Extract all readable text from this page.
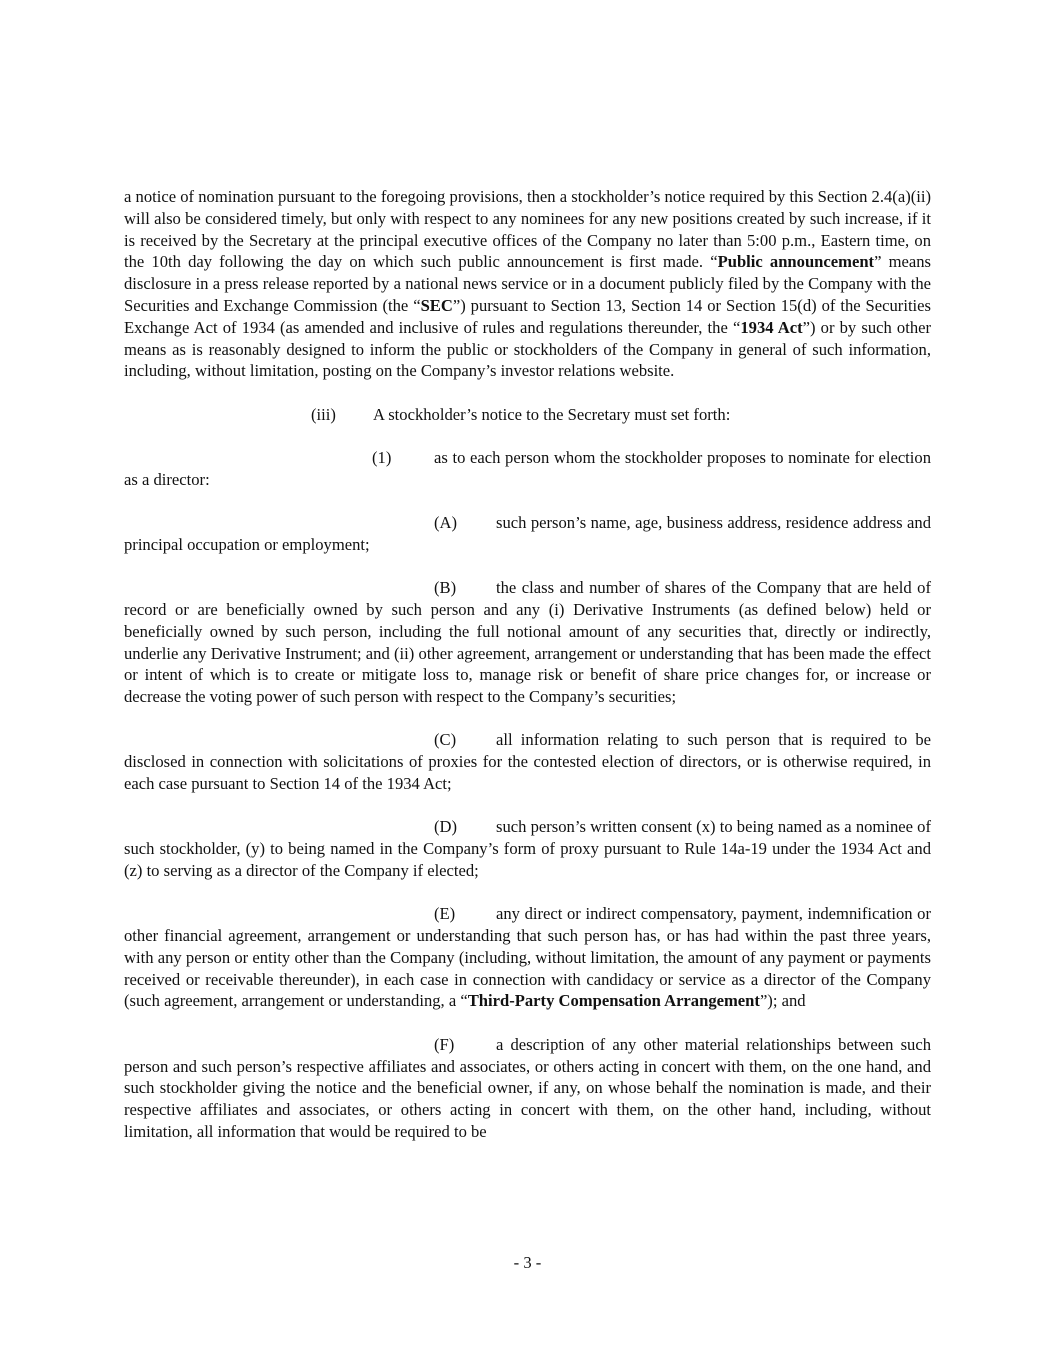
a notice of nomination pursuant to the foregoing provisions, then a stockholder’s notice required by this Section 2.4(a)(ii) will also be considered timely, but only with respect to any nominees for any new positions created by such increase, if it is received by the Secretary at the principal executive offices of the Company no later than 5:00 p.m., Eastern time, on the 10th day following the day on which such public announcement is first made. “Public announcement” means disclosure in a press release reported by a national news service or in a document publicly filed by the Company with the Securities and Exchange Commission (the “SEC”) pursuant to Section 13, Section 14 or Section 15(d) of the Securities Exchange Act of 1934 (as amended and inclusive of rules and regulations thereunder, the “1934 Act”) or by such other means as is reasonably designed to inform the public or stockholders of the Company in general of such information, including, without limitation, posting on the Company’s investor relations website.

(iii) A stockholder’s notice to the Secretary must set forth:

(1)	as to each person whom the stockholder proposes to nominate for election as a director:

(A) such person’s name, age, business address, residence address and principal occupation or employment;

(B) the class and number of shares of the Company that are held of record or are beneficially owned by such person and any (i) Derivative Instruments (as defined below) held or beneficially owned by such person, including the full notional amount of any securities that, directly or indirectly, underlie any Derivative Instrument; and (ii) other agreement, arrangement or understanding that has been made the effect or intent of which is to create or mitigate loss to, manage risk or benefit of share price changes for, or increase or decrease the voting power of such person with respect to the Company’s securities;

(C) all information relating to such person that is required to be disclosed in connection with solicitations of proxies for the contested election of directors, or is otherwise required, in each case pursuant to Section 14 of the 1934 Act;

(D) such person’s written consent (x) to being named as a nominee of such stockholder, (y) to being named in the Company’s form of proxy pursuant to Rule 14a-19 under the 1934 Act and (z) to serving as a director of the Company if elected;

(E) any direct or indirect compensatory, payment, indemnification or other financial agreement, arrangement or understanding that such person has, or has had within the past three years, with any person or entity other than the Company (including, without limitation, the amount of any payment or payments received or receivable thereunder), in each case in connection with candidacy or service as a director of the Company (such agreement, arrangement or understanding, a “Third-Party Compensation Arrangement”); and

(F)	a description of any other material relationships between such person and such person’s respective affiliates and associates, or others acting in concert with them, on the one hand, and such stockholder giving the notice and the beneficial owner, if any, on whose behalf the nomination is made, and their respective affiliates and associates, or others acting in concert with them, on the other hand, including, without limitation, all information that would be required to be

- 3 -
